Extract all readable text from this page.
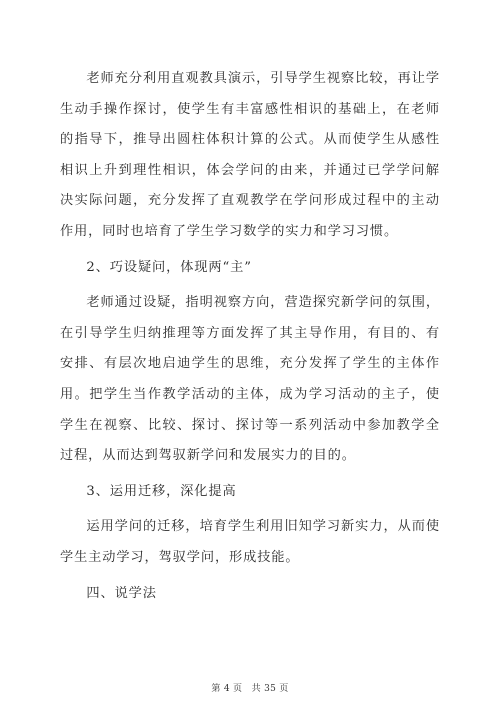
老师充分利用直观教具演示，引导学生视察比较，再让学生动手操作探讨，使学生有丰富感性相识的基础上，在老师的指导下，推导出圆柱体积计算的公式。从而使学生从感性相识上升到理性相识，体会学问的由来，并通过已学学问解决实际问题，充分发挥了直观教学在学问形成过程中的主动作用，同时也培育了学生学习数学的实力和学习习惯。

2、巧设疑问，体现两“主”

老师通过设疑，指明视察方向，营造探究新学问的氛围，在引导学生归纳推理等方面发挥了其主导作用，有目的、有安排、有层次地启迪学生的思维，充分发挥了学生的主体作用。把学生当作教学活动的主体，成为学习活动的主子，使学生在视察、比较、探讨、探讨等一系列活动中参加教学全过程，从而达到驾驭新学问和发展实力的目的。

3、运用迁移，深化提高

运用学问的迁移，培育学生利用旧知学习新实力，从而使学生主动学习，驾驭学问，形成技能。

四、说学法

第 4 页　共 35 页
